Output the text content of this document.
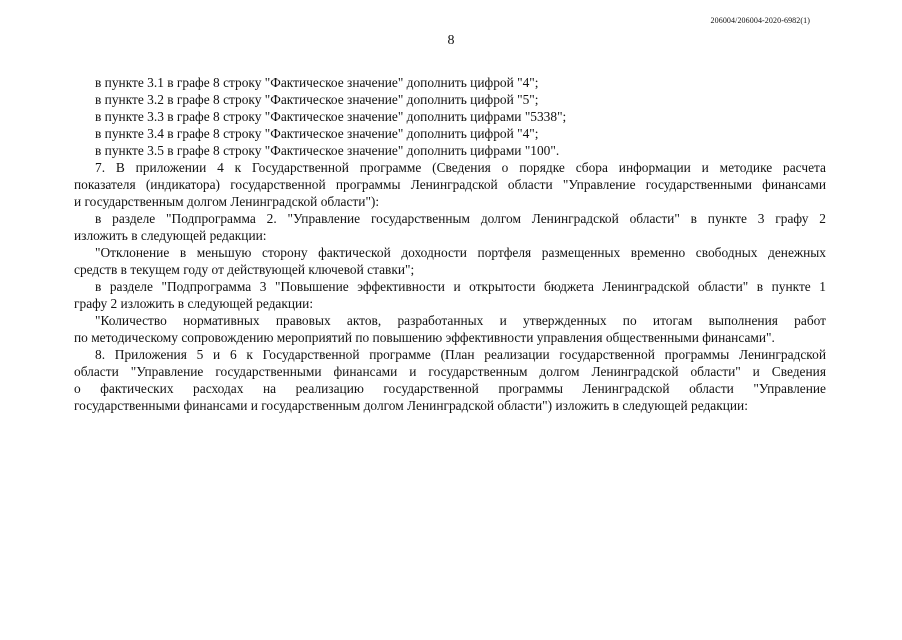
206004/206004-2020-6982(1)
8
в пункте 3.1 в графе 8 строку "Фактическое значение" дополнить цифрой "4";
в пункте 3.2 в графе 8 строку "Фактическое значение" дополнить цифрой "5";
в пункте 3.3 в графе 8 строку "Фактическое значение" дополнить цифрами "5338";
в пункте 3.4 в графе 8 строку "Фактическое значение" дополнить цифрой "4";
в пункте 3.5 в графе 8 строку "Фактическое значение" дополнить цифрами "100".
7. В приложении 4 к Государственной программе (Сведения о порядке сбора информации и методике расчета
показателя (индикатора) государственной программы Ленинградской области "Управление государственными финансами
и государственным долгом Ленинградской области"):
в разделе "Подпрограмма 2. "Управление государственным долгом Ленинградской области" в пункте 3 графу 2
изложить в следующей редакции:
"Отклонение в меньшую сторону фактической доходности портфеля размещенных временно свободных денежных
средств в текущем году от действующей ключевой ставки";
в разделе "Подпрограмма 3 "Повышение эффективности и открытости бюджета Ленинградской области" в пункте 1
графу 2 изложить в следующей редакции:
"Количество нормативных правовых актов, разработанных и утвержденных по итогам выполнения работ
по методическому сопровождению мероприятий по повышению эффективности управления общественными финансами".
8. Приложения 5 и 6 к Государственной программе (План реализации государственной программы Ленинградской
области "Управление государственными финансами и государственным долгом Ленинградской области" и Сведения
о фактических расходах на реализацию государственной программы Ленинградской области "Управление
государственными финансами и государственным долгом Ленинградской области") изложить в следующей редакции:
